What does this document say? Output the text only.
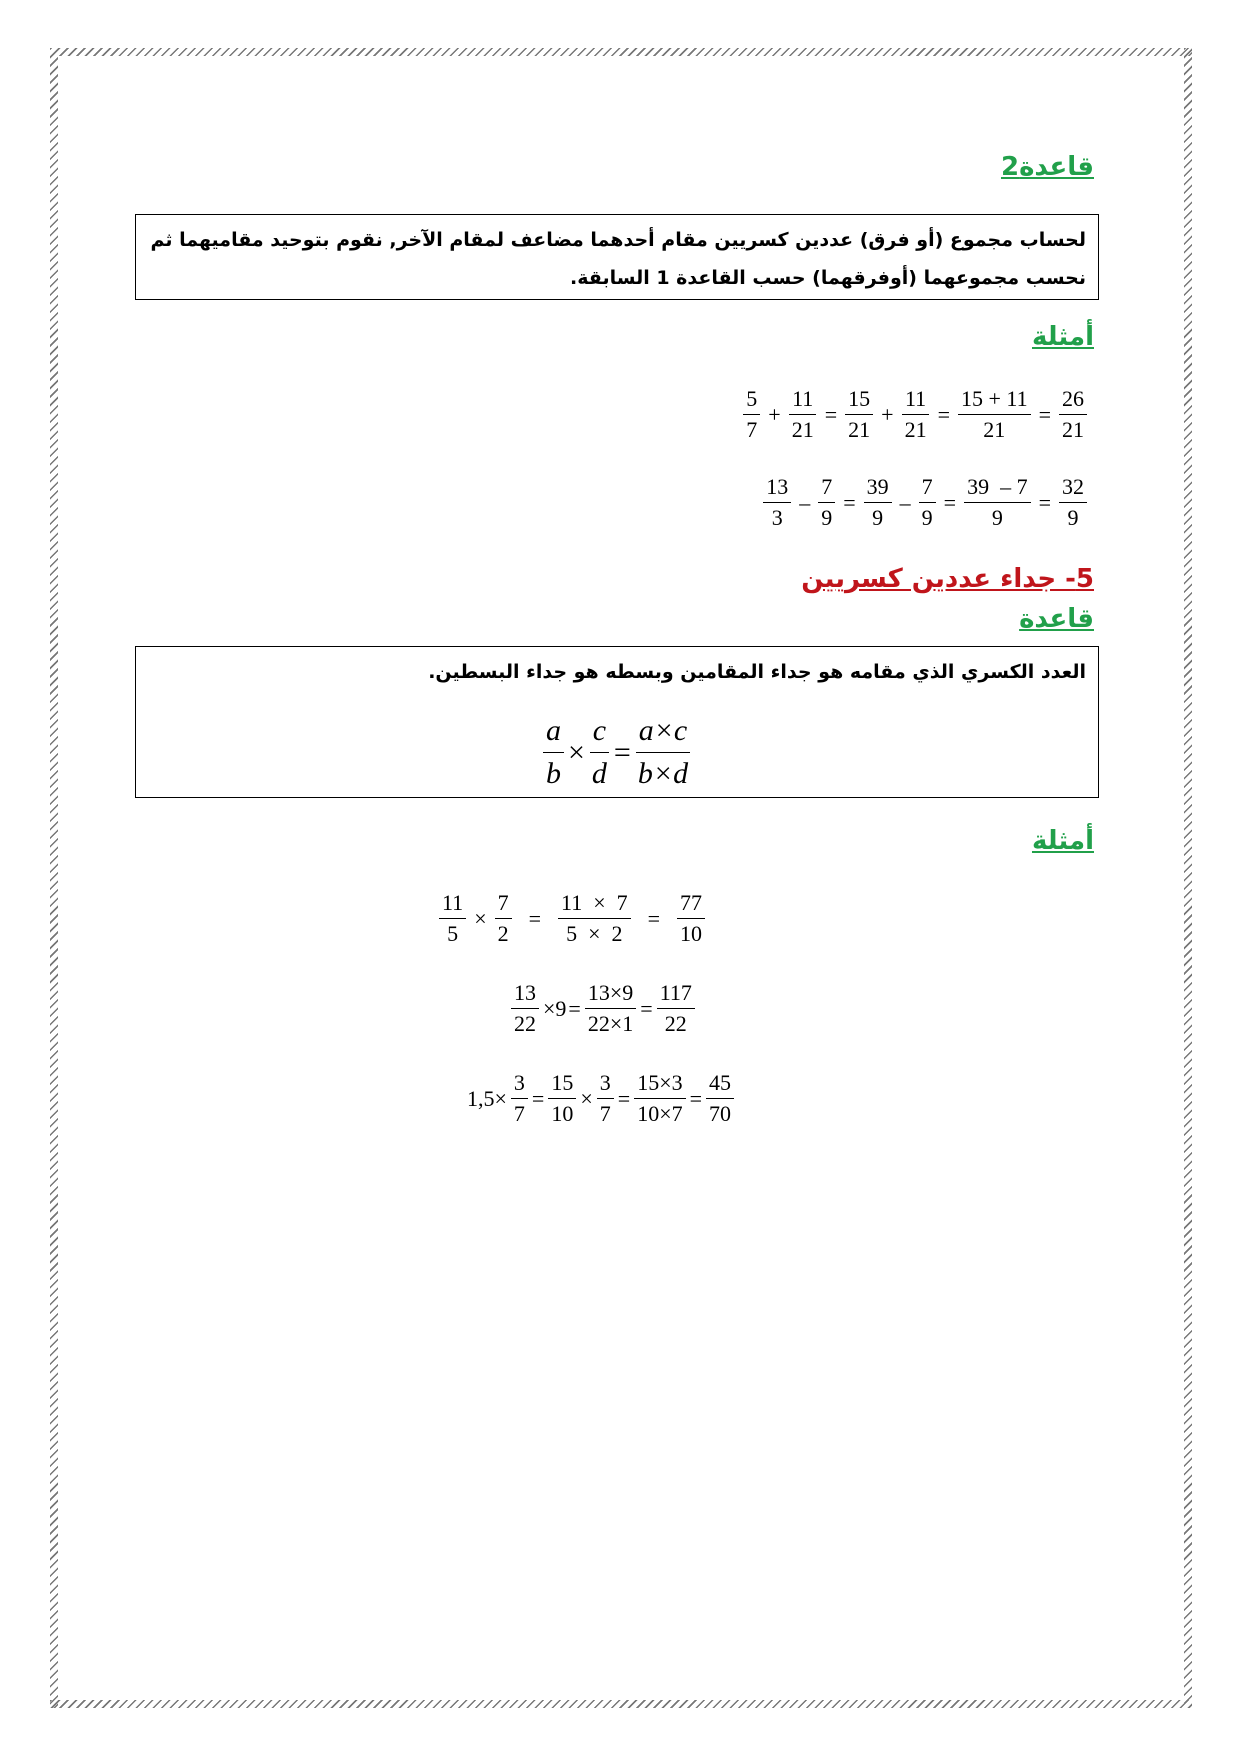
قاعدة2
لحساب مجموع (أو فرق) عددين كسريين مقام أحدهما مضاعف لمقام الآخر, نقوم بتوحيد مقاميهما ثم
نحسب مجموعهما (أوفرقهما) حسب القاعدة 1 السابقة.
أمثلة
$\frac{5}{7} + \frac{11}{21} = \frac{15}{21} + \frac{11}{21} = \frac{15 + 11}{21} = \frac{26}{21}$
$\frac{13}{3} - \frac{7}{9} = \frac{39}{9} - \frac{7}{9} = \frac{39 - 7}{9} = \frac{32}{9}$
5- جداء عددين كسريين
قاعدة
العدد الكسري الذي مقامه هو جداء المقامين وبسطه هو جداء البسطين.
$\frac{a}{b} \times \frac{c}{d} = \frac{a\times c}{b\times d}$
أمثلة
$\frac{11}{5} \times \frac{7}{2} = \frac{11 \times 7}{5 \times 2} = \frac{77}{10}$
$\frac{13}{22} \times 9 = \frac{13\times 9}{22\times 1} = \frac{117}{22}$
$1,5\times \frac{3}{7} = \frac{15}{10} \times \frac{3}{7} = \frac{15\times 3}{10\times 7} = \frac{45}{70}$
